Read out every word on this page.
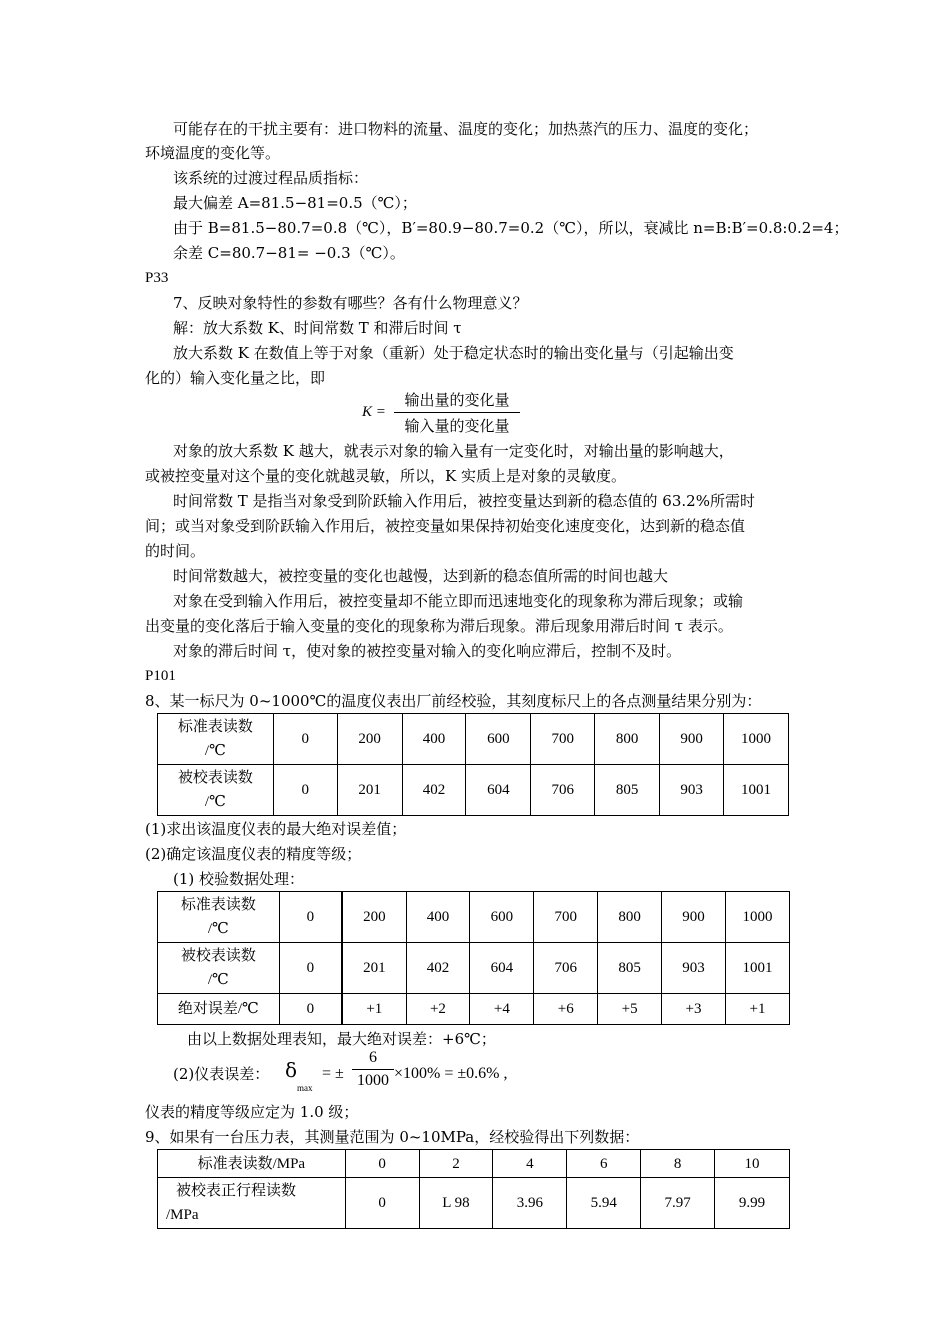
可能存在的干扰主要有：进口物料的流量、温度的变化；加热蒸汽的压力、温度的变化；
环境温度的变化等。
该系统的过渡过程品质指标：
最大偏差 A=81.5−81=0.5（℃）；
由于 B=81.5−80.7=0.8（℃），B′=80.9−80.7=0.2（℃），所以，衰减比 n=B:B′=0.8:0.2=4；
余差 C=80.7−81= −0.3（℃）。
P33
7、反映对象特性的参数有哪些？各有什么物理意义？
解：放大系数 K、时间常数 T 和滞后时间 τ
放大系数 K 在数值上等于对象（重新）处于稳定状态时的输出变化量与（引起输出变
化的）输入变化量之比，即
K =
输出量的变化量
输入量的变化量
对象的放大系数 K 越大，就表示对象的输入量有一定变化时，对输出量的影响越大，
或被控变量对这个量的变化就越灵敏，所以，K 实质上是对象的灵敏度。
时间常数 T 是指当对象受到阶跃输入作用后，被控变量达到新的稳态值的 63.2%所需时
间；或当对象受到阶跃输入作用后，被控变量如果保持初始变化速度变化，达到新的稳态值
的时间。
时间常数越大，被控变量的变化也越慢，达到新的稳态值所需的时间也越大
对象在受到输入作用后，被控变量却不能立即而迅速地变化的现象称为滞后现象；或输
出变量的变化落后于输入变量的变化的现象称为滞后现象。滞后现象用滞后时间 τ 表示。
对象的滞后时间 τ，使对象的被控变量对输入的变化响应滞后，控制不及时。
P101
8、某一标尺为 0~1000℃的温度仪表出厂前经校验，其刻度标尺上的各点测量结果分别为：
标准表读数
/℃	0	200	400	600	700	800	900	1000

被校表读数
/℃	0	201	402	604	706	805	903	1001
(1)求出该温度仪表的最大绝对误差值；
(2)确定该温度仪表的精度等级；
(1) 校验数据处理：
标准表读数
/℃	0	200	400	600	700	800	900	1000

被校表读数
/℃	0	201	402	604	706	805	903	1001
绝对误差/℃	0	+1	+2	+4	+6	+5	+3	+1
由以上数据处理表知，最大绝对误差：+6℃；
(2)仪表误差： δ
max
= ±
6
1000 ×100% = ±0.6% ,
仪表的精度等级应定为 1.0 级；
9、如果有一台压力表，其测量范围为 0~10MPa，经校验得出下列数据：
标准表读数/MPa	0	2	4	6	8	10

被校表正行程读数
/MPa	0	L 98	3.96	5.94	7.97	9.99
